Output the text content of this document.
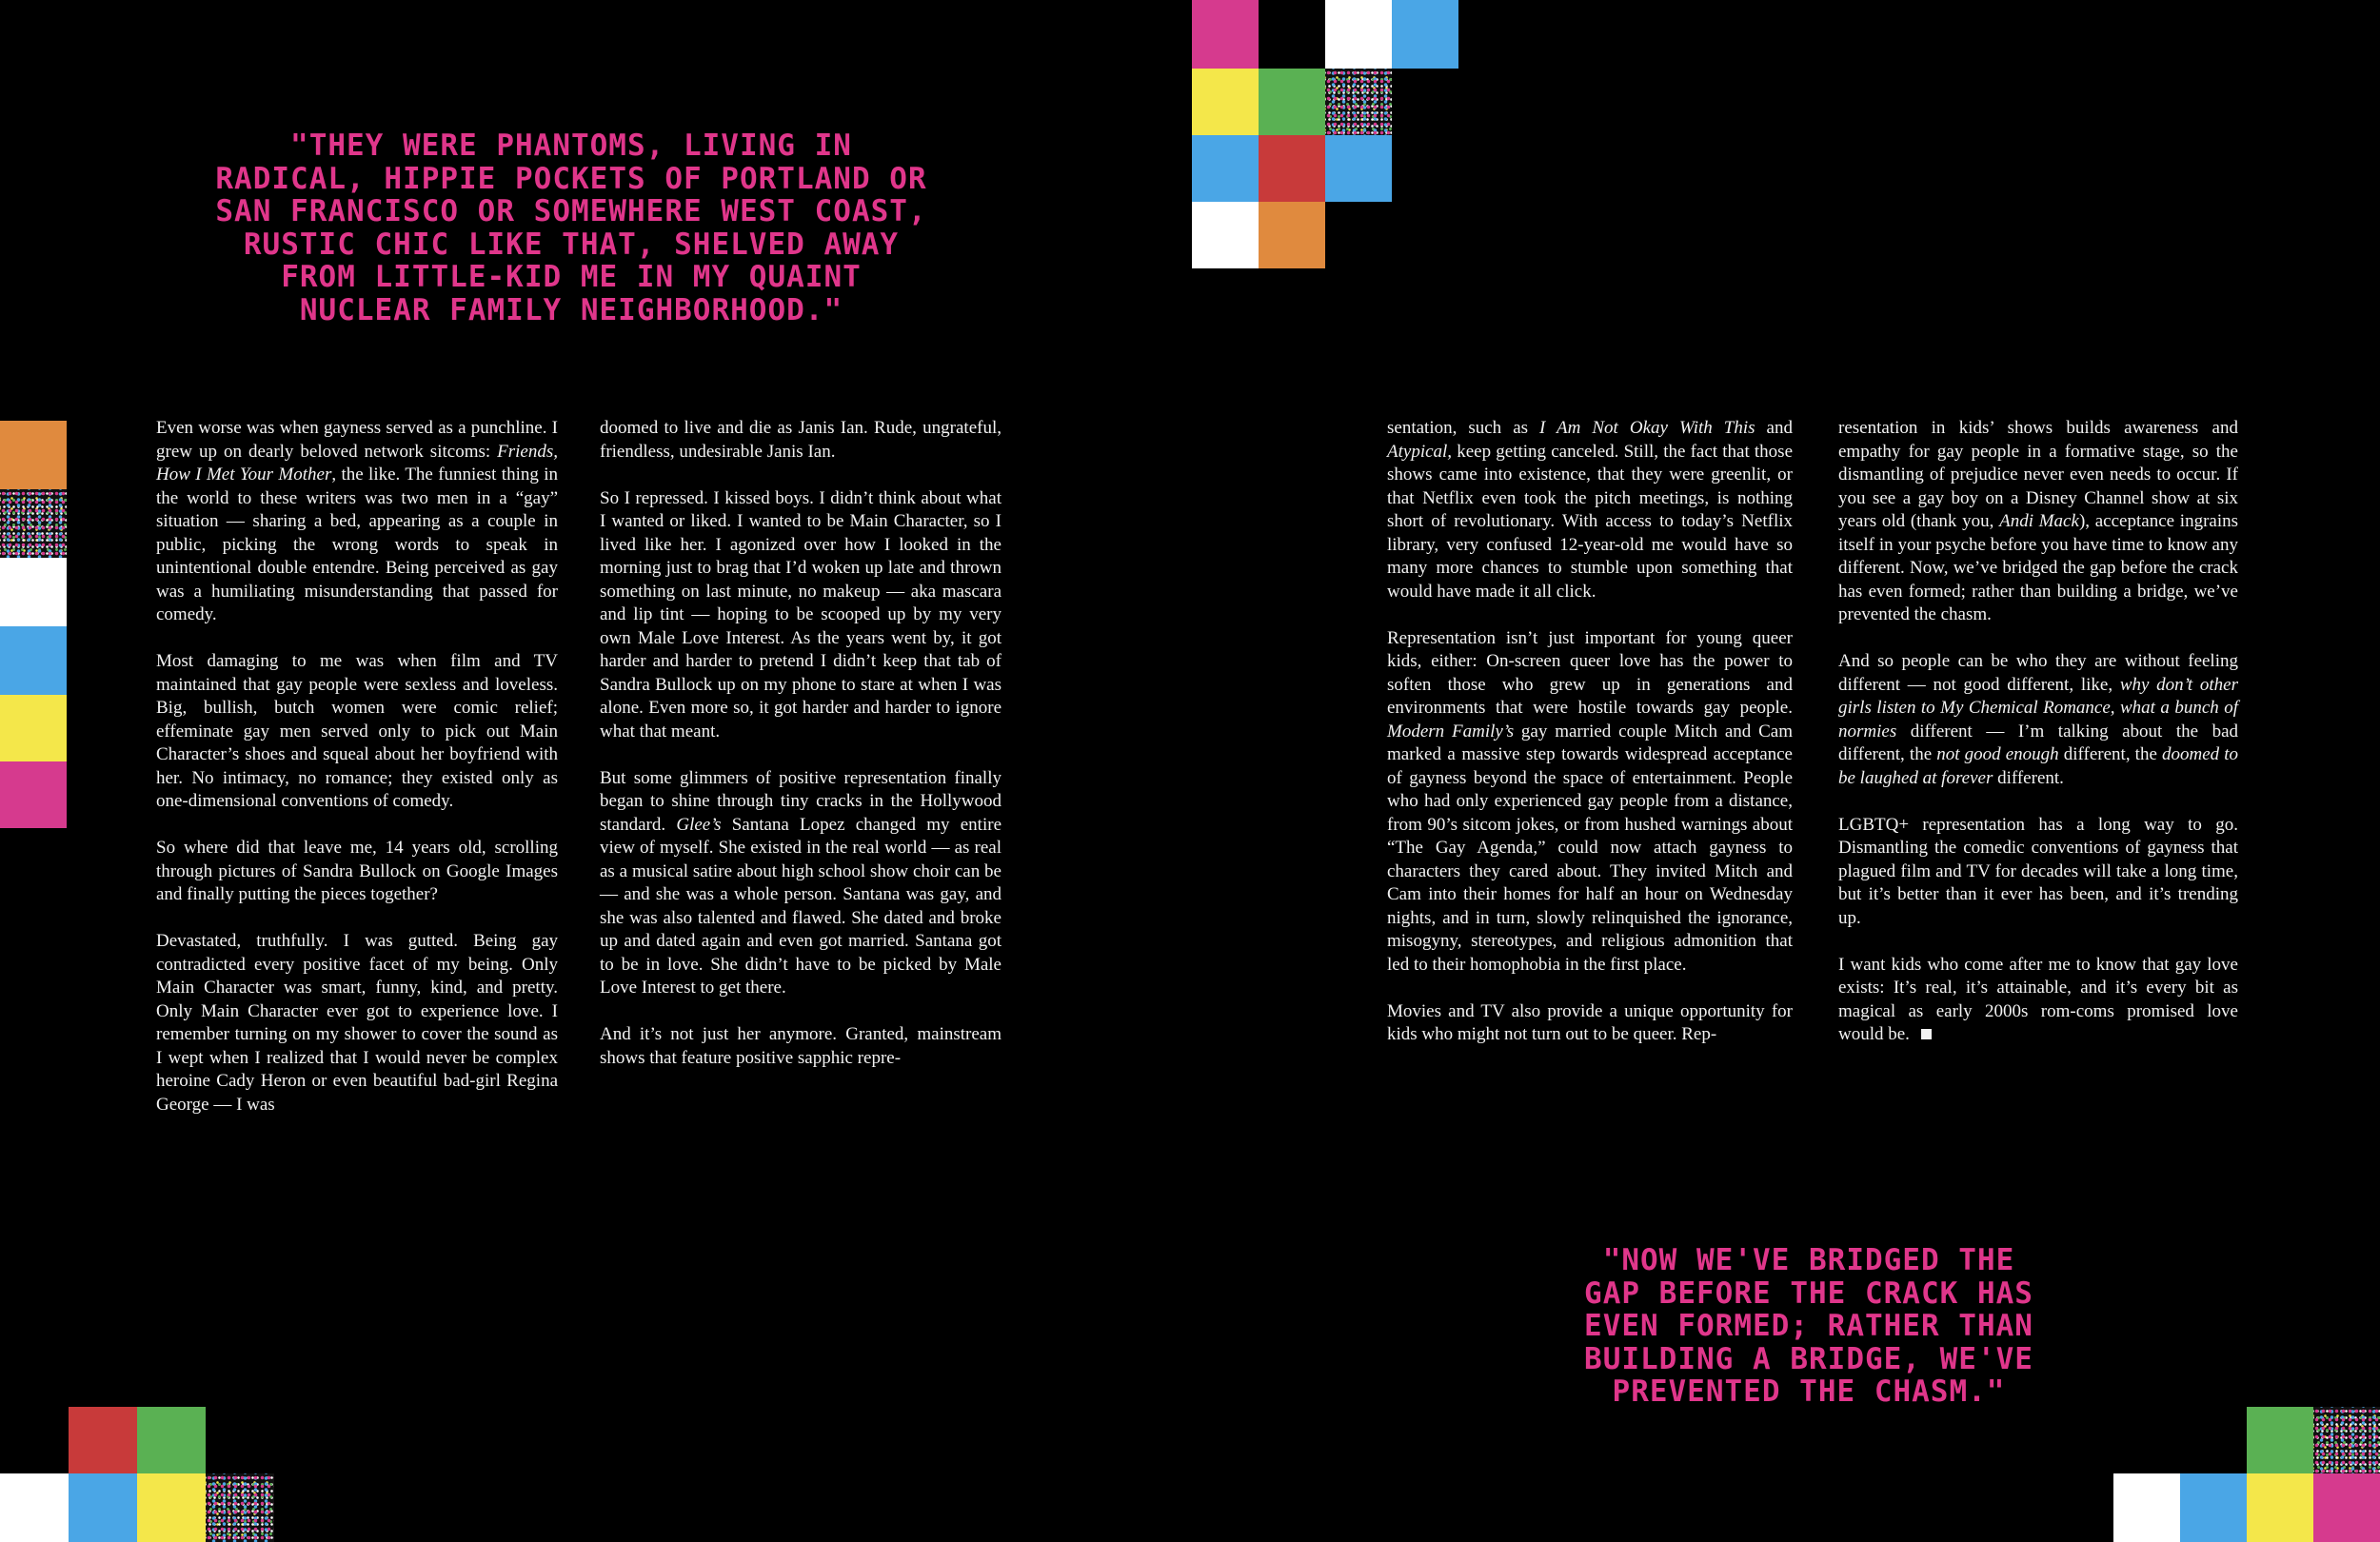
"THEY WERE PHANTOMS, LIVING IN RADICAL, HIPPIE POCKETS OF PORTLAND OR SAN FRANCISCO OR SOMEWHERE WEST COAST, RUSTIC CHIC LIKE THAT, SHELVED AWAY FROM LITTLE-KID ME IN MY QUAINT NUCLEAR FAMILY NEIGHBORHOOD."

"NOW WE'VE BRIDGED THE GAP BEFORE THE CRACK HAS EVEN FORMED; RATHER THAN BUILDING A BRIDGE, WE'VE PREVENTED THE CHASM."

Even worse was when gayness served as a punchline. I grew up on dearly beloved network sitcoms: Friends, How I Met Your Mother, the like. The funniest thing in the world to these writers was two men in a “gay” situation — sharing a bed, appearing as a couple in public, picking the wrong words to speak in unintentional double entendre. Being perceived as gay was a humiliating misunderstanding that passed for comedy.

Most damaging to me was when film and TV maintained that gay people were sexless and loveless. Big, bullish, butch women were comic relief; effeminate gay men served only to pick out Main Character’s shoes and squeal about her boyfriend with her. No intimacy, no romance; they existed only as one-dimensional conventions of comedy.

So where did that leave me, 14 years old, scrolling through pictures of Sandra Bullock on Google Images and finally putting the pieces together?

Devastated, truthfully. I was gutted. Being gay contradicted every positive facet of my being. Only Main Character was smart, funny, kind, and pretty. Only Main Character ever got to experience love. I remember turning on my shower to cover the sound as I wept when I realized that I would never be complex heroine Cady Heron or even beautiful bad-girl Regina George — I was

doomed to live and die as Janis Ian. Rude, ungrateful, friendless, undesirable Janis Ian.

So I repressed. I kissed boys. I didn’t think about what I wanted or liked. I wanted to be Main Character, so I lived like her. I agonized over how I looked in the morning just to brag that I’d woken up late and thrown something on last minute, no makeup — aka mascara and lip tint — hoping to be scooped up by my very own Male Love Interest. As the years went by, it got harder and harder to pretend I didn’t keep that tab of Sandra Bullock up on my phone to stare at when I was alone. Even more so, it got harder and harder to ignore what that meant.

But some glimmers of positive representation finally began to shine through tiny cracks in the Hollywood standard. Glee’s Santana Lopez changed my entire view of myself. She existed in the real world — as real as a musical satire about high school show choir can be — and she was a whole person. Santana was gay, and she was also talented and flawed. She dated and broke up and dated again and even got married. Santana got to be in love. She didn’t have to be picked by Male Love Interest to get there.

And it’s not just her anymore. Granted, mainstream shows that feature positive sapphic repre-

sentation, such as I Am Not Okay With This and Atypical, keep getting canceled. Still, the fact that those shows came into existence, that they were greenlit, or that Netflix even took the pitch meetings, is nothing short of revolutionary. With access to today’s Netflix library, very confused 12-year-old me would have so many more chances to stumble upon something that would have made it all click.

Representation isn’t just important for young queer kids, either: On-screen queer love has the power to soften those who grew up in generations and environments that were hostile towards gay people. Modern Family’s gay married couple Mitch and Cam marked a massive step towards widespread acceptance of gayness beyond the space of entertainment. People who had only experienced gay people from a distance, from 90’s sitcom jokes, or from hushed warnings about “The Gay Agenda,” could now attach gayness to characters they cared about. They invited Mitch and Cam into their homes for half an hour on Wednesday nights, and in turn, slowly relinquished the ignorance, misogyny, stereotypes, and religious admonition that led to their homophobia in the first place.

Movies and TV also provide a unique opportunity for kids who might not turn out to be queer. Rep-

resentation in kids’ shows builds awareness and empathy for gay people in a formative stage, so the dismantling of prejudice never even needs to occur. If you see a gay boy on a Disney Channel show at six years old (thank you, Andi Mack), acceptance ingrains itself in your psyche before you have time to know any different. Now, we’ve bridged the gap before the crack has even formed; rather than building a bridge, we’ve prevented the chasm.

And so people can be who they are without feeling different — not good different, like, why don’t other girls listen to My Chemical Romance, what a bunch of normies different — I’m talking about the bad different, the not good enough different, the doomed to be laughed at forever different.

LGBTQ+ representation has a long way to go. Dismantling the comedic conventions of gayness that plagued film and TV for decades will take a long time, but it’s better than it ever has been, and it’s trending up.

I want kids who come after me to know that gay love exists: It’s real, it’s attainable, and it’s every bit as magical as early 2000s rom-coms promised love would be.
